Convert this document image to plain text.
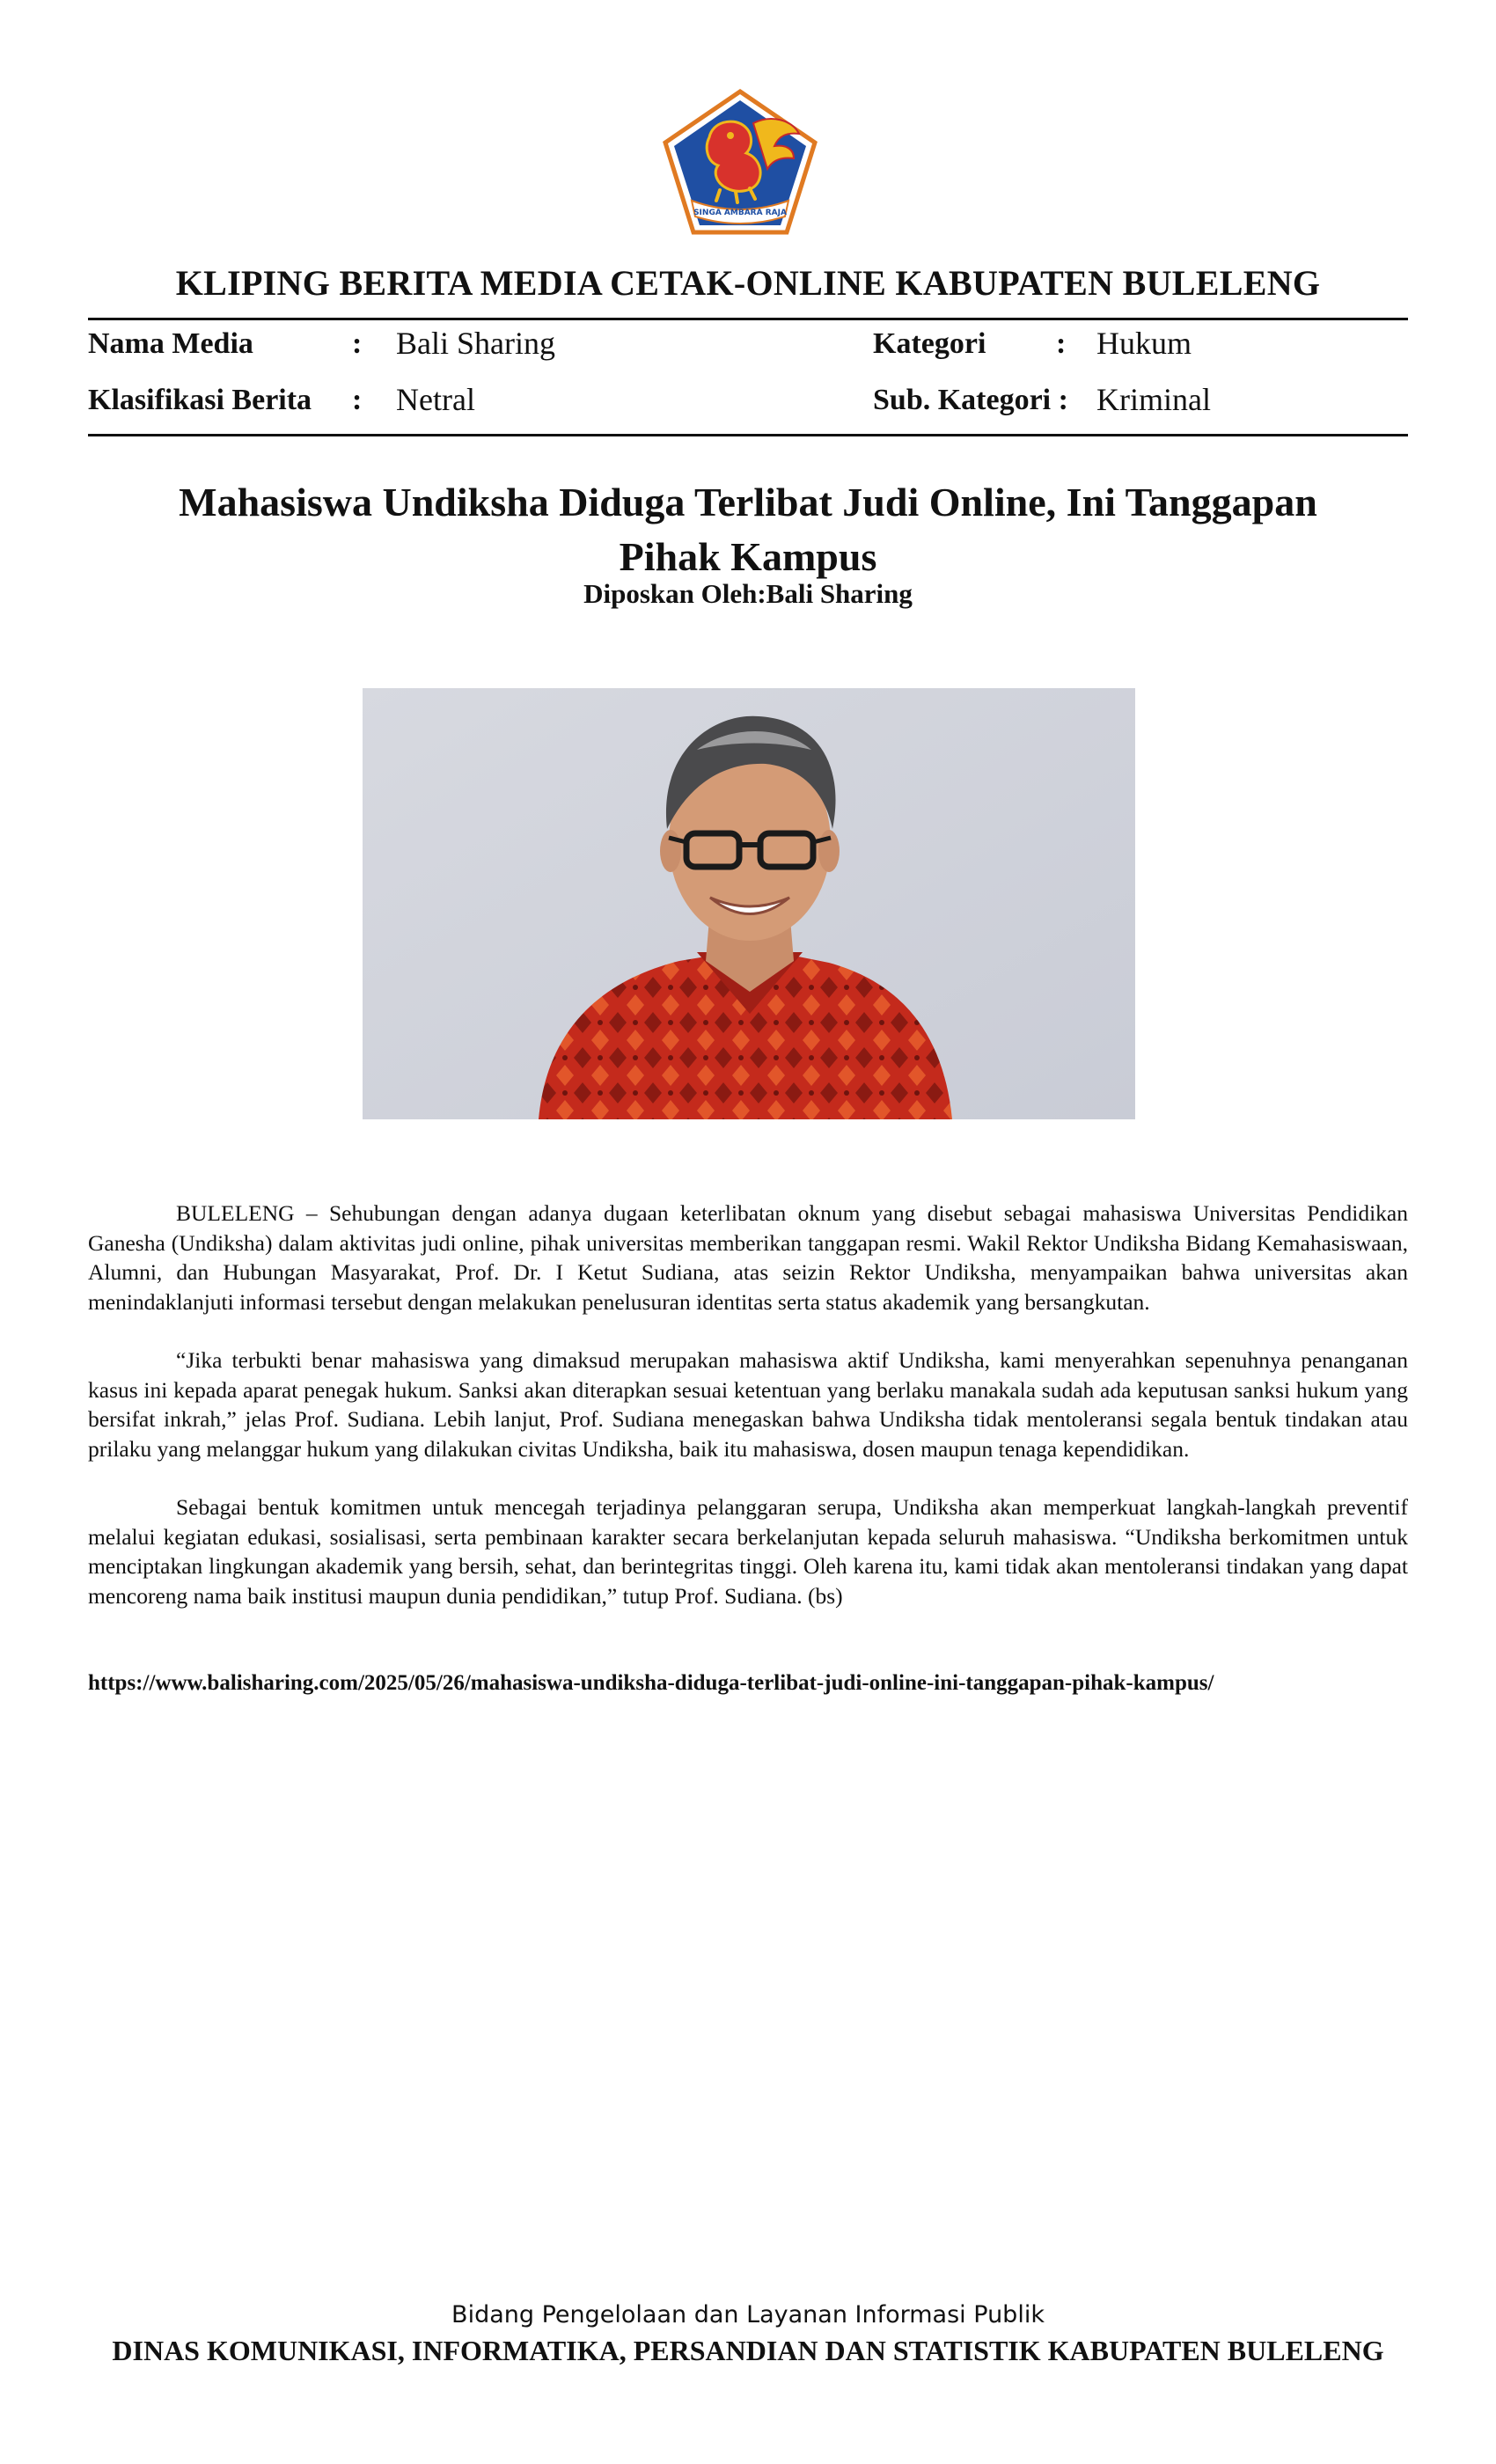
SINGA AMBARA RAJA
KLIPING BERITA MEDIA CETAK-ONLINE KABUPATEN BULELENG
Nama Media	: Bali Sharing	Kategori : Hukum
Klasifikasi Berita : Netral	Sub. Kategori : Kriminal
Mahasiswa Undiksha Diduga Terlibat Judi Online, Ini Tanggapan
Pihak Kampus
Diposkan Oleh:Bali Sharing

BULELENG – Sehubungan dengan adanya dugaan keterlibatan oknum yang disebut sebagai mahasiswa Universitas Pendidikan Ganesha (Undiksha) dalam aktivitas judi online, pihak universitas memberikan tanggapan resmi. Wakil Rektor Undiksha Bidang Kemahasiswaan, Alumni, dan Hubungan Masyarakat, Prof. Dr. I Ketut Sudiana, atas seizin Rektor Undiksha, menyampaikan bahwa universitas akan menindaklanjuti informasi tersebut dengan melakukan penelusuran identitas serta status akademik yang bersangkutan.

“Jika terbukti benar mahasiswa yang dimaksud merupakan mahasiswa aktif Undiksha, kami menyerahkan sepenuhnya penanganan kasus ini kepada aparat penegak hukum. Sanksi akan diterapkan sesuai ketentuan yang berlaku manakala sudah ada keputusan sanksi hukum yang bersifat inkrah,” jelas Prof. Sudiana. Lebih lanjut, Prof. Sudiana menegaskan bahwa Undiksha tidak mentoleransi segala bentuk tindakan atau prilaku yang melanggar hukum yang dilakukan civitas Undiksha, baik itu mahasiswa, dosen maupun tenaga kependidikan.

Sebagai bentuk komitmen untuk mencegah terjadinya pelanggaran serupa, Undiksha akan memperkuat langkah-langkah preventif melalui kegiatan edukasi, sosialisasi, serta pembinaan karakter secara berkelanjutan kepada seluruh mahasiswa. “Undiksha berkomitmen untuk menciptakan lingkungan akademik yang bersih, sehat, dan berintegritas tinggi. Oleh karena itu, kami tidak akan mentoleransi tindakan yang dapat mencoreng nama baik institusi maupun dunia pendidikan,” tutup Prof. Sudiana. (bs)

https://www.balisharing.com/2025/05/26/mahasiswa-undiksha-diduga-terlibat-judi-online-ini-tanggapan-pihak-kampus/
Bidang Pengelolaan dan Layanan Informasi Publik
DINAS KOMUNIKASI, INFORMATIKA, PERSANDIAN DAN STATISTIK KABUPATEN BULELENG
